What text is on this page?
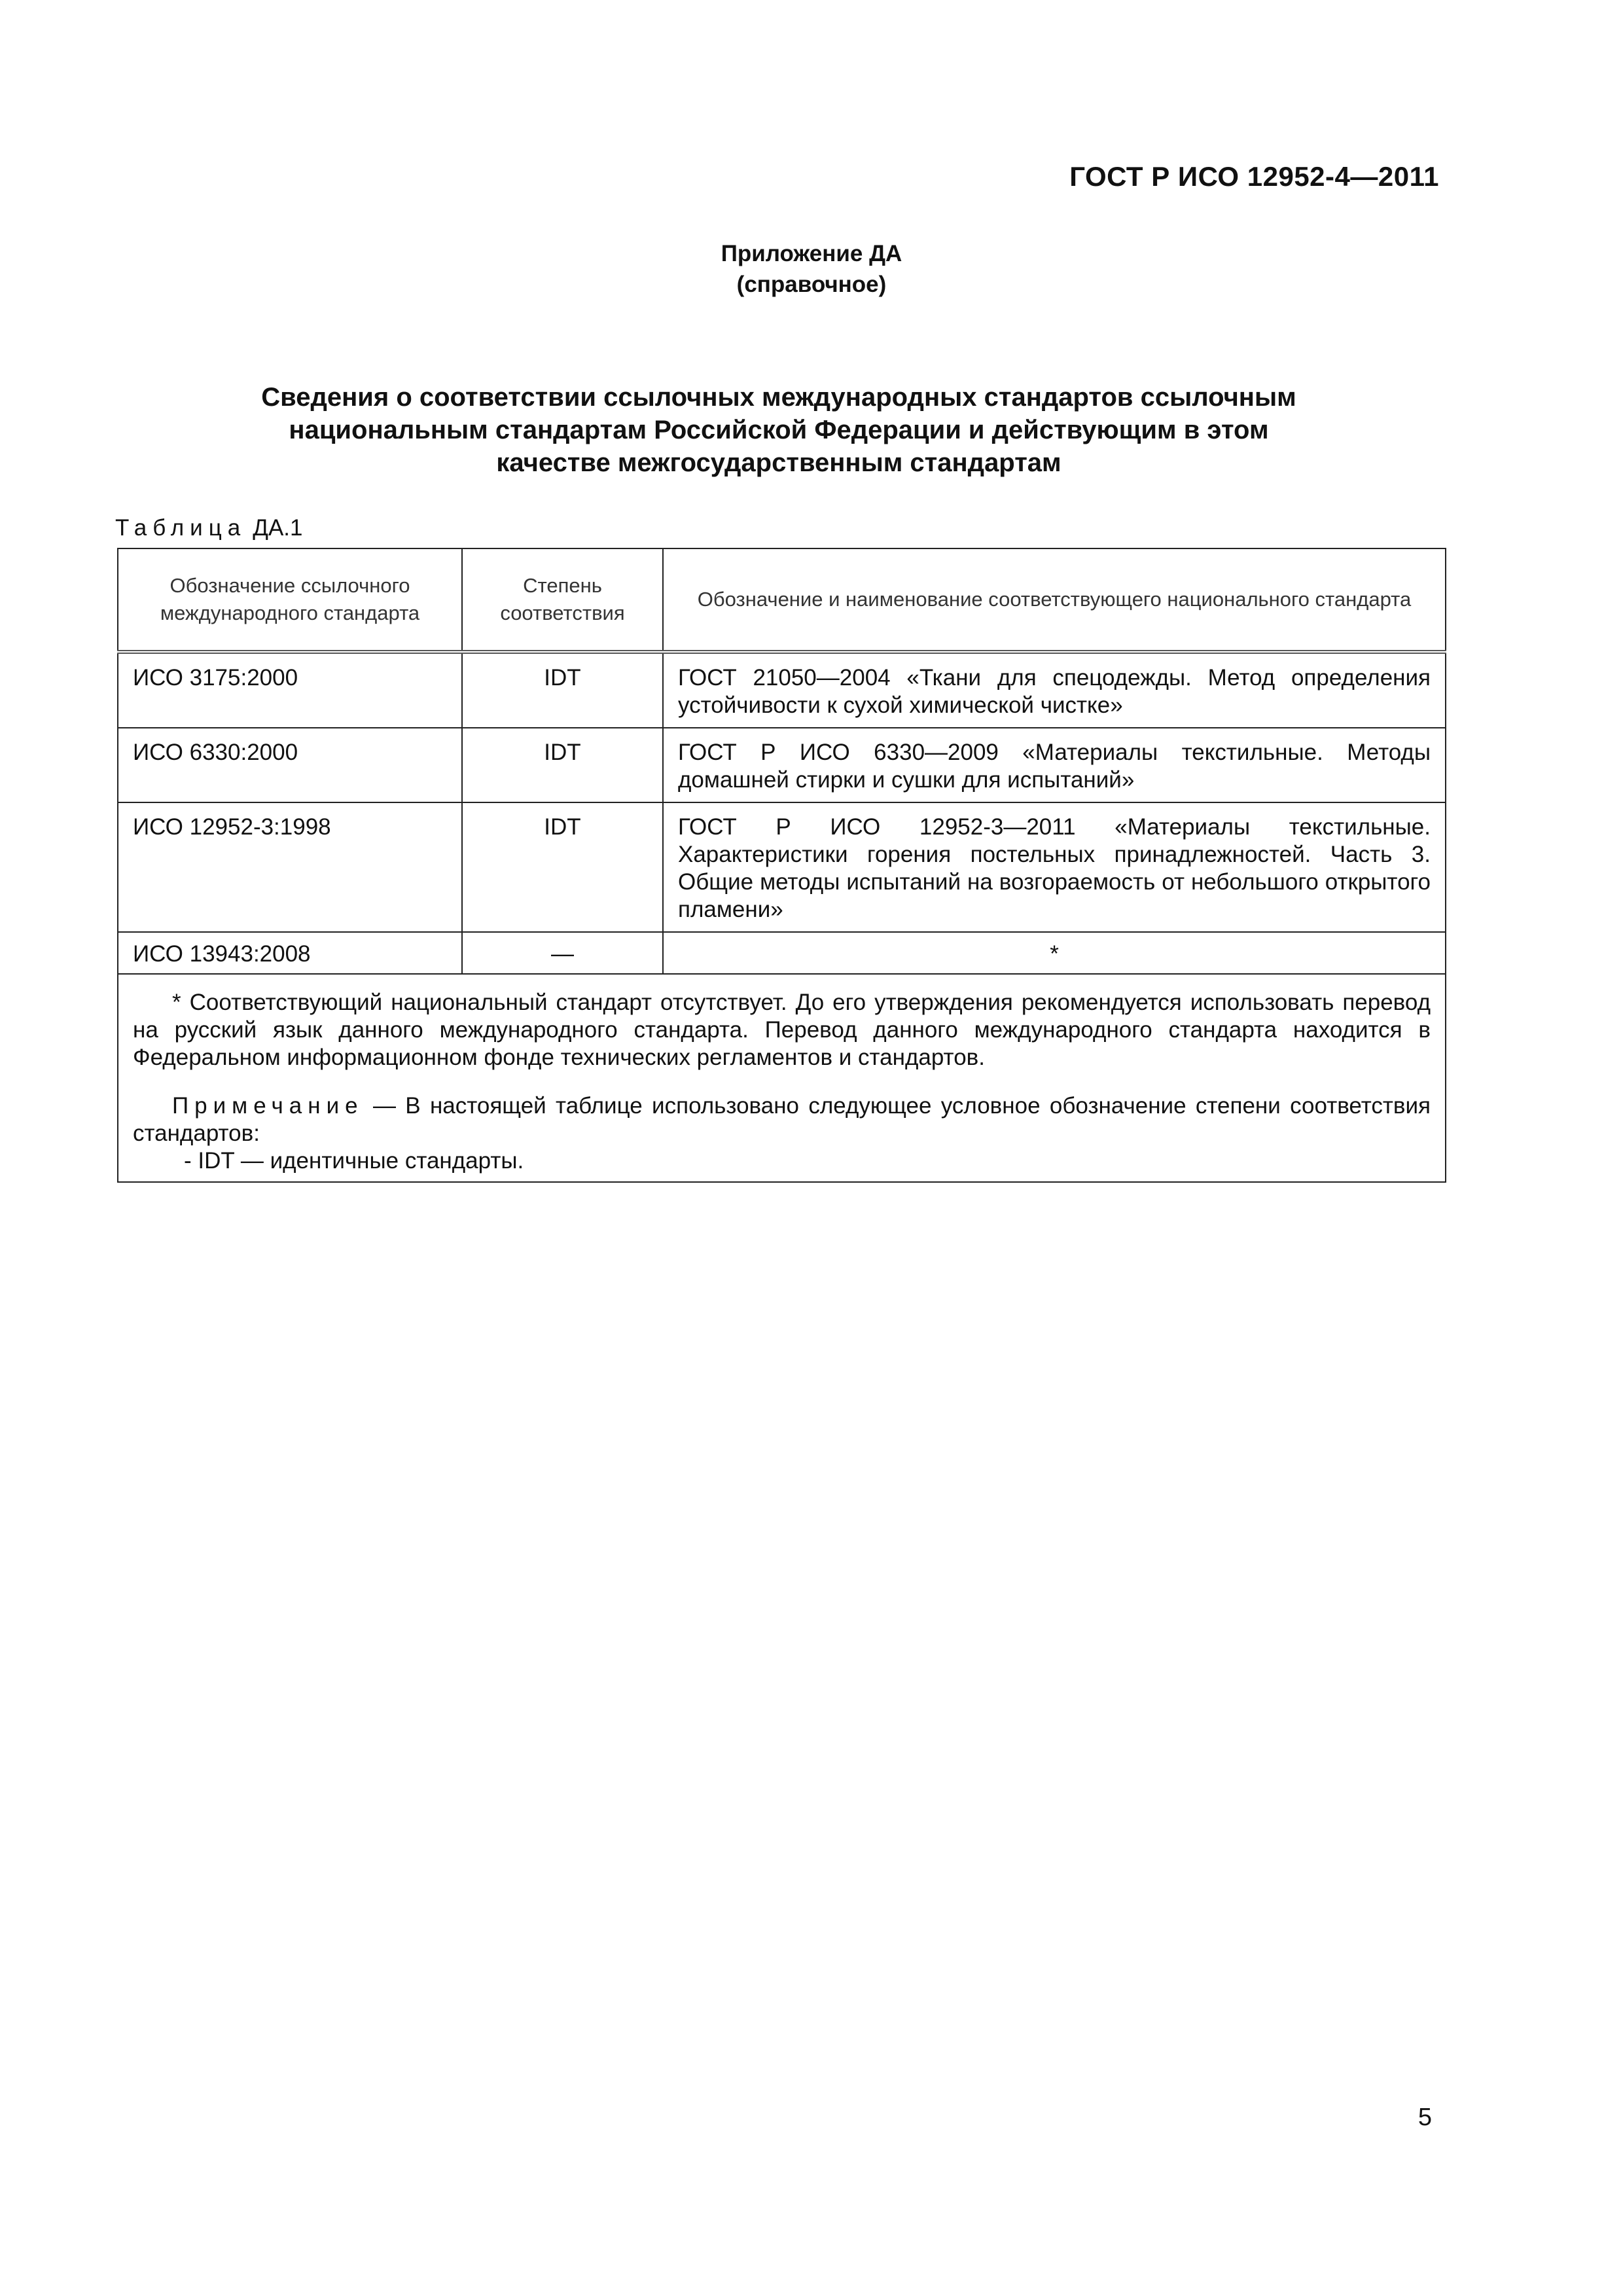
ГОСТ Р ИСО 12952-4—2011
Приложение ДА
(справочное)
Сведения о соответствии ссылочных международных стандартов ссылочным
национальным стандартам Российской Федерации и действующим в этом
качестве межгосударственным стандартам
Таблица ДА.1
Обозначение ссылочного международного стандарта	Степень соответствия	Обозначение и наименование соответствующего национального стандарта
ИСО 3175:2000	IDT	ГОСТ 21050—2004 «Ткани для спецодежды. Метод определения устойчивости к сухой химической чистке»
ИСО 6330:2000	IDT	ГОСТ Р ИСО 6330—2009 «Материалы текстильные. Методы домашней стирки и сушки для испытаний»
ИСО 12952-3:1998	IDT	ГОСТ Р ИСО 12952-3—2011 «Материалы текстильные. Характеристики горения постельных принадлежностей. Часть 3. Общие методы испытаний на возгораемость от небольшого открытого пламени»
ИСО 13943:2008	—	*

* Соответствующий национальный стандарт отсутствует. До его утверждения рекомендуется использовать перевод на русский язык данного международного стандарта. Перевод данного международного стандарта находится в Федеральном информационном фонде технических регламентов и стандартов.

Примечание — В настоящей таблице использовано следующее условное обозначение степени соответствия стандартов:

- IDT — идентичные стандарты.		

5
